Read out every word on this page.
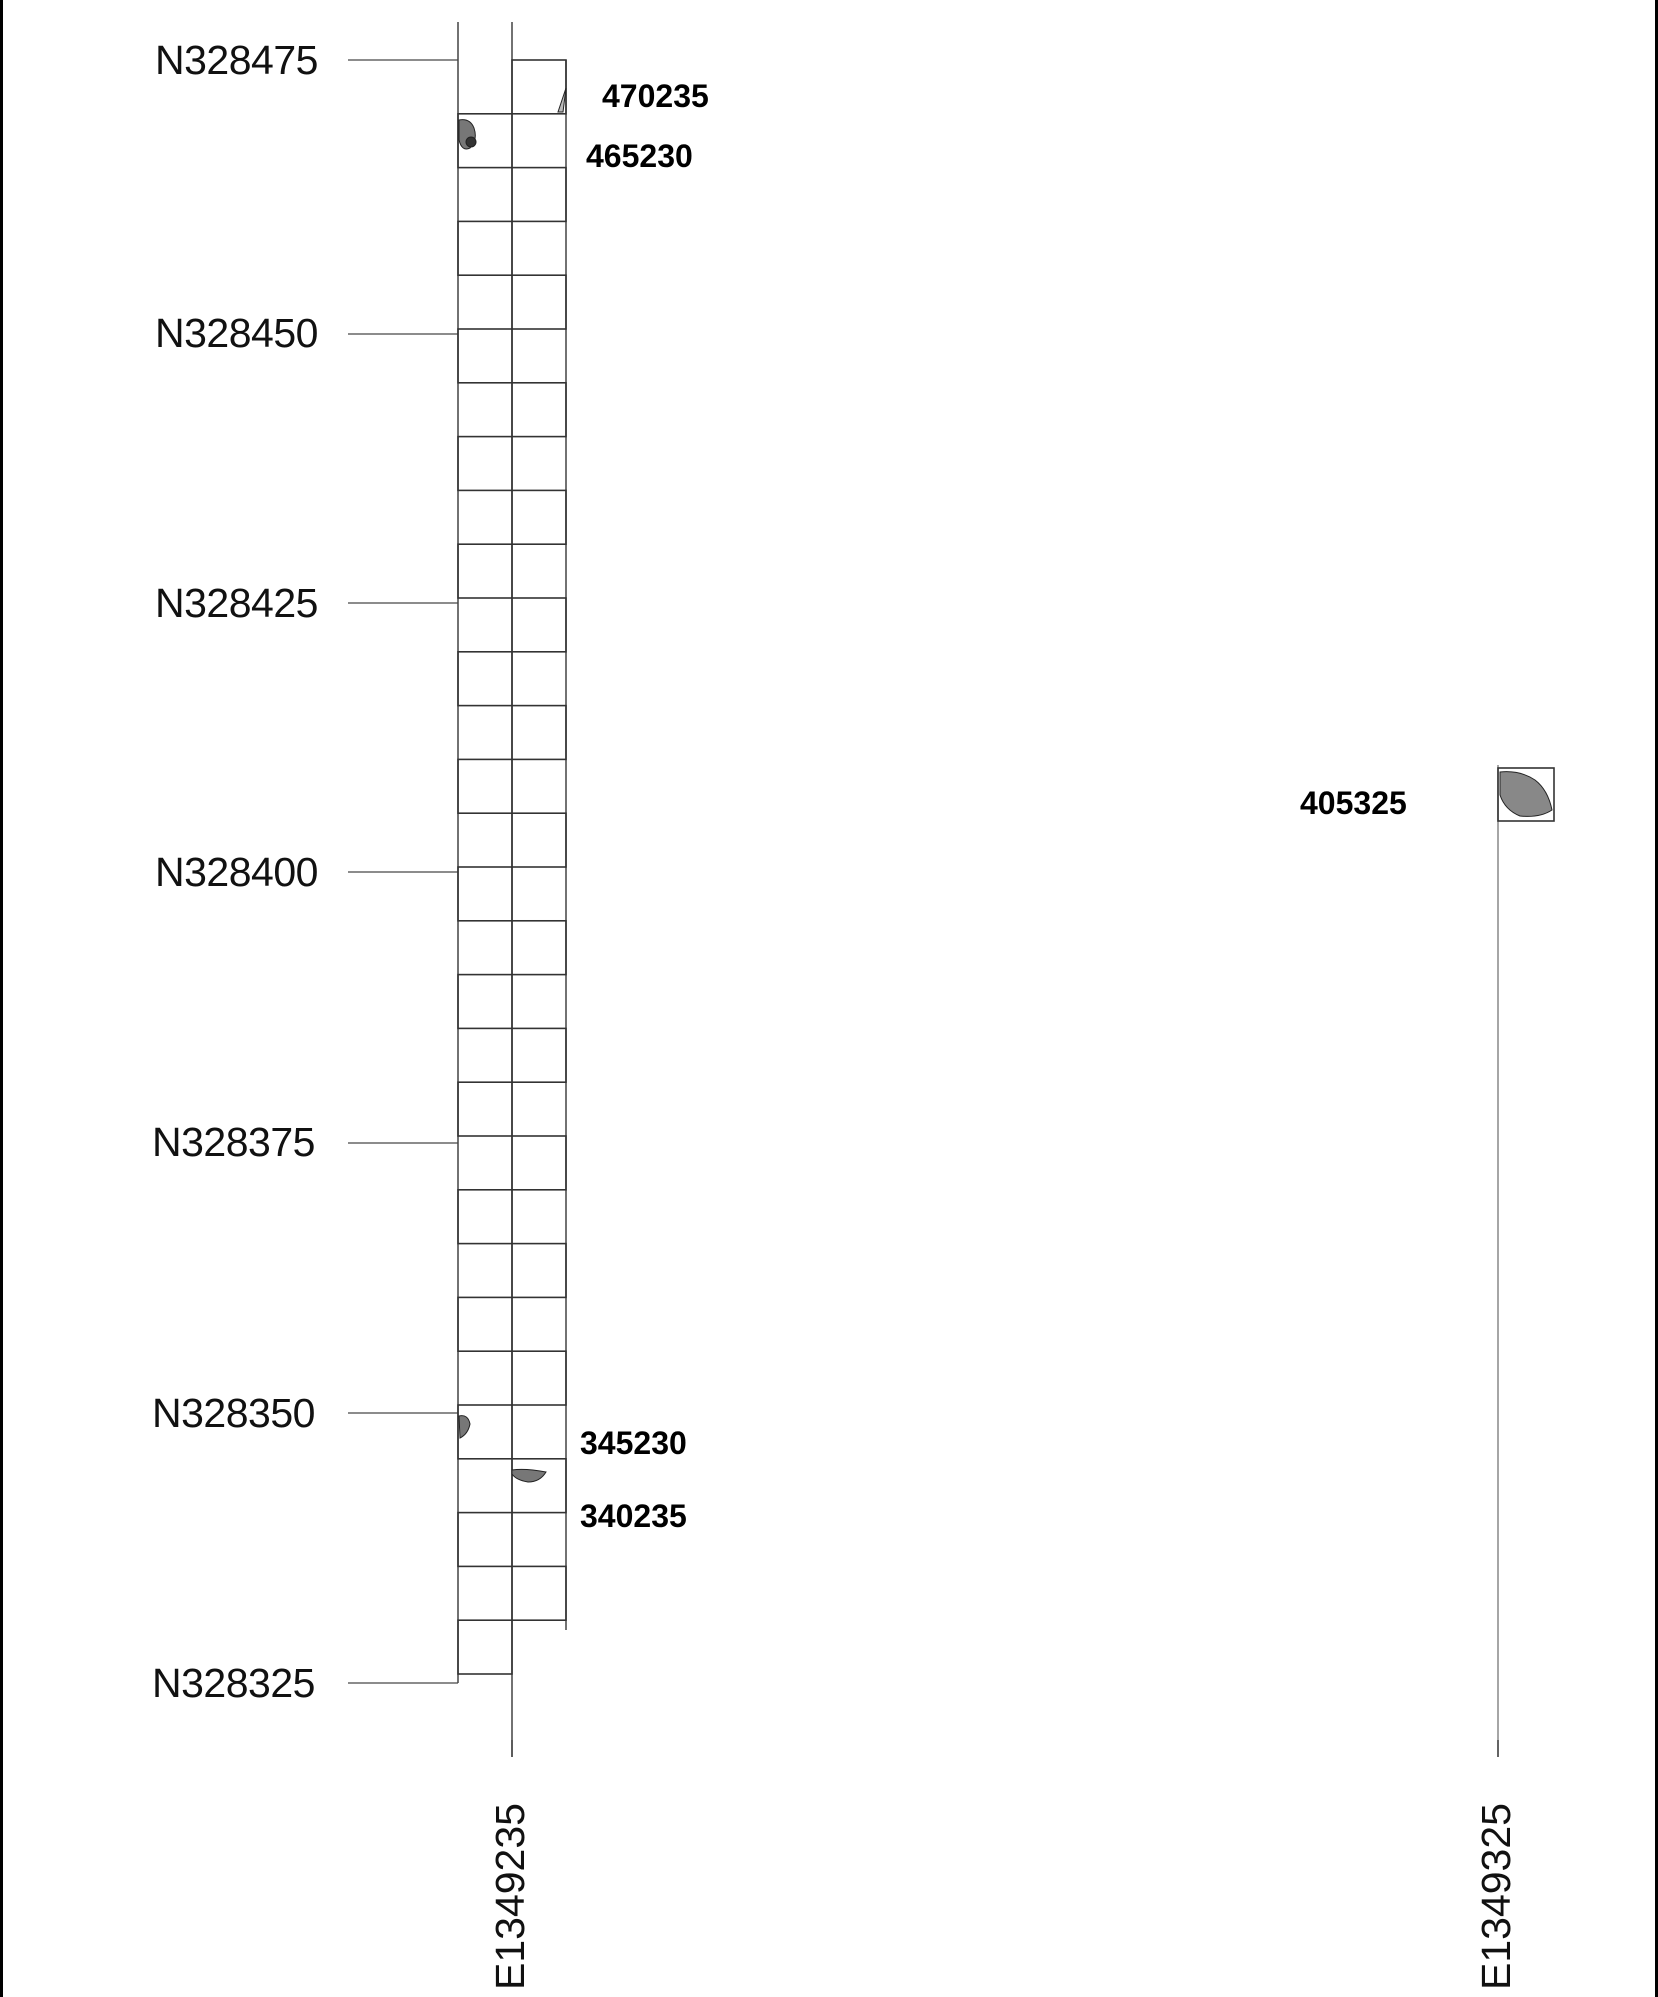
N328475
N328450
N328425
N328400
N328375
N328350
N328325
470235
465230
405325
345230
340235
E1349235	E1349325
